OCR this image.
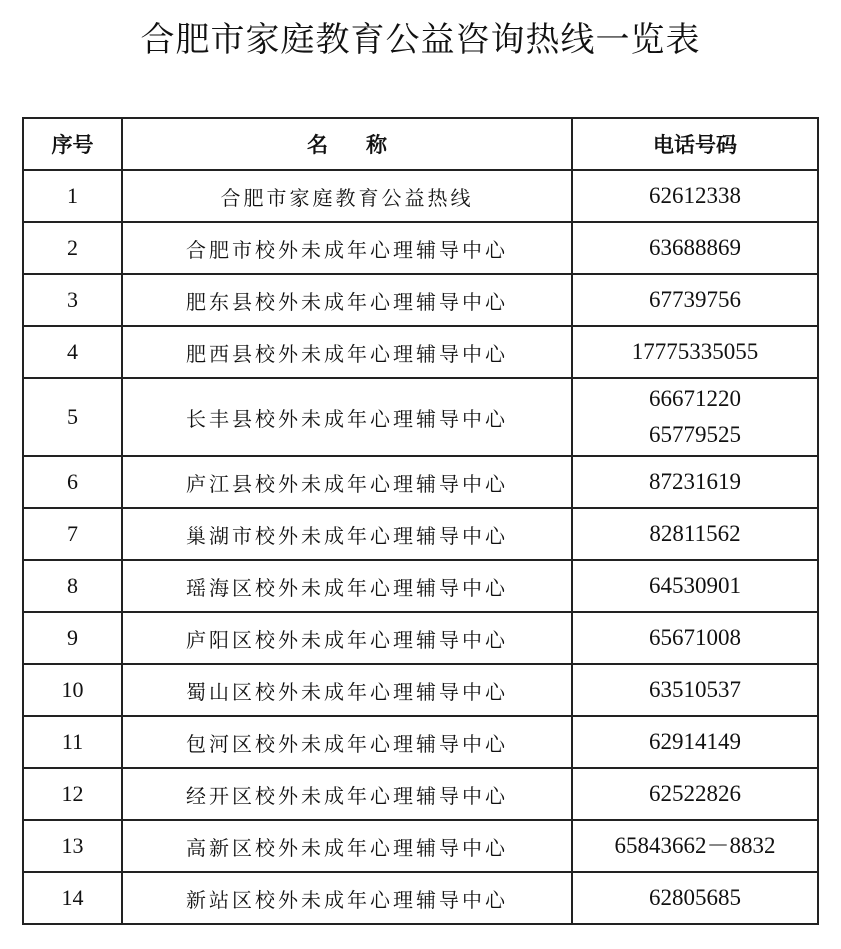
合肥市家庭教育公益咨询热线一览表
序号	名 称	电话号码
1	合肥市家庭教育公益热线	62612338

2	合肥市校外未成年心理辅导中心	63688869

3	肥东县校外未成年心理辅导中心	67739756

4	肥西县校外未成年心理辅导中心	17775335055

5	长丰县校外未成年心理辅导中心	66671220
65779525

6	庐江县校外未成年心理辅导中心	87231619

7	巢湖市校外未成年心理辅导中心	82811562

8	瑶海区校外未成年心理辅导中心	64530901

9	庐阳区校外未成年心理辅导中心	65671008

10	蜀山区校外未成年心理辅导中心	63510537

11	包河区校外未成年心理辅导中心	62914149

12	经开区校外未成年心理辅导中心	62522826

13	高新区校外未成年心理辅导中心	65843662－8832

14	新站区校外未成年心理辅导中心	62805685
